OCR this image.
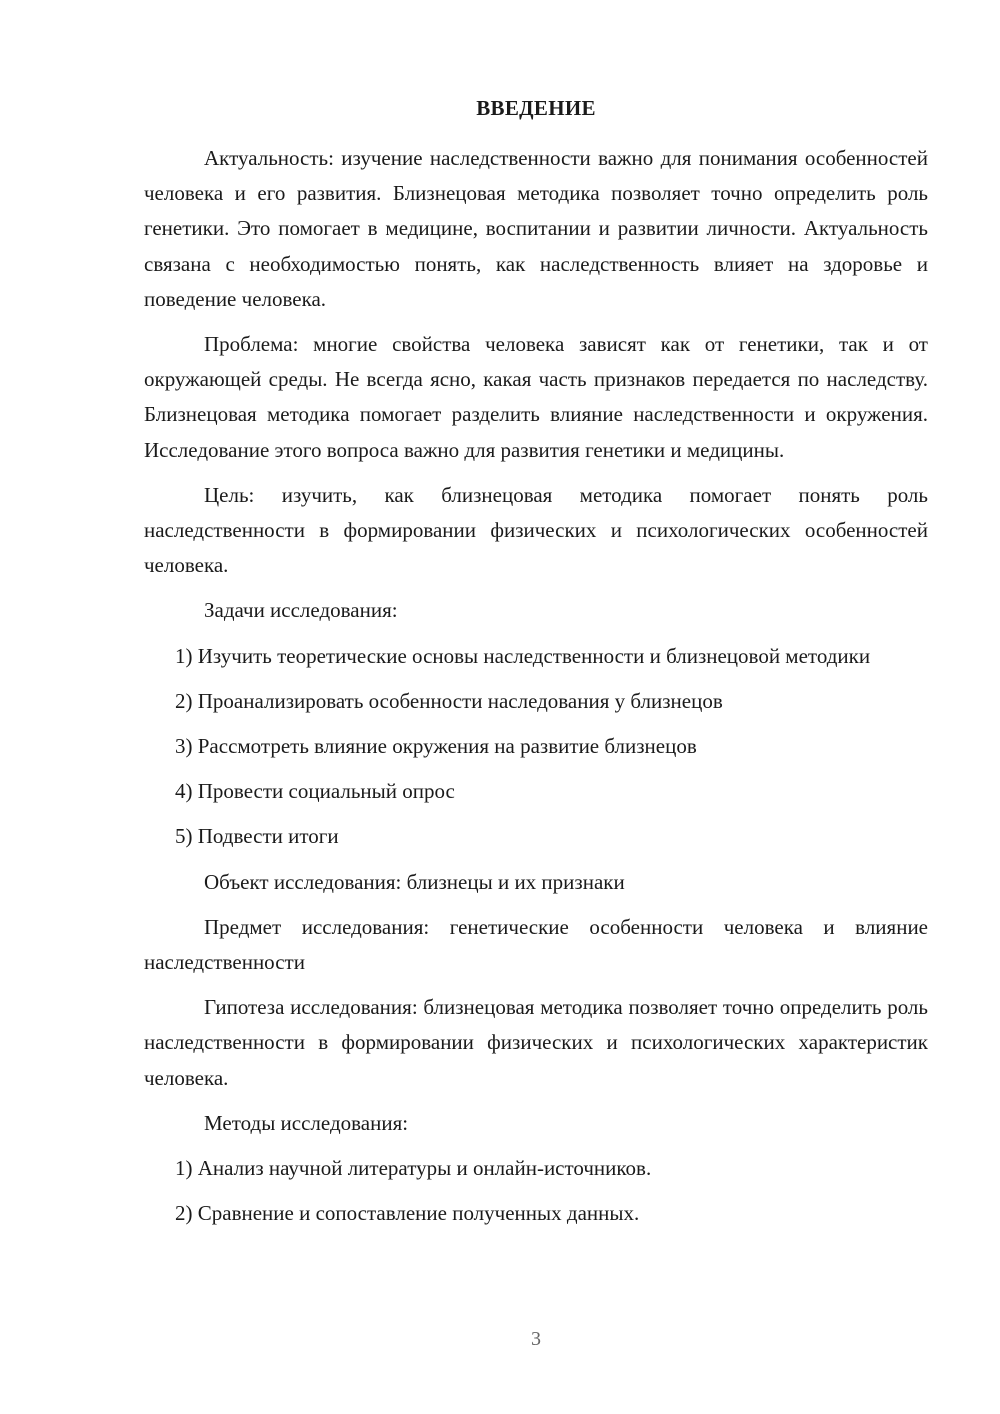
ВВЕДЕНИЕ

Актуальность: изучение наследственности важно для понимания особенностей человека и его развития. Близнецовая методика позволяет точно определить роль генетики. Это помогает в медицине, воспитании и развитии личности. Актуальность связана с необходимостью понять, как наследственность влияет на здоровье и поведение человека.

Проблема: многие свойства человека зависят как от генетики, так и от окружающей среды. Не всегда ясно, какая часть признаков передается по наследству. Близнецовая методика помогает разделить влияние наследственности и окружения. Исследование этого вопроса важно для развития генетики и медицины.

Цель: изучить, как близнецовая методика помогает понять роль наследственности в формировании физических и психологических особенностей человека.

Задачи исследования:

1) Изучить теоретические основы наследственности и близнецовой методики

2) Проанализировать особенности наследования у близнецов

3) Рассмотреть влияние окружения на развитие близнецов

4) Провести социальный опрос

5) Подвести итоги

Объект исследования: близнецы и их признаки

Предмет исследования: генетические особенности человека и влияние наследственности

Гипотеза исследования: близнецовая методика позволяет точно определить роль наследственности в формировании физических и психологических характеристик человека.

Методы исследования:

1) Анализ научной литературы и онлайн-источников.

2) Сравнение и сопоставление полученных данных.

3
